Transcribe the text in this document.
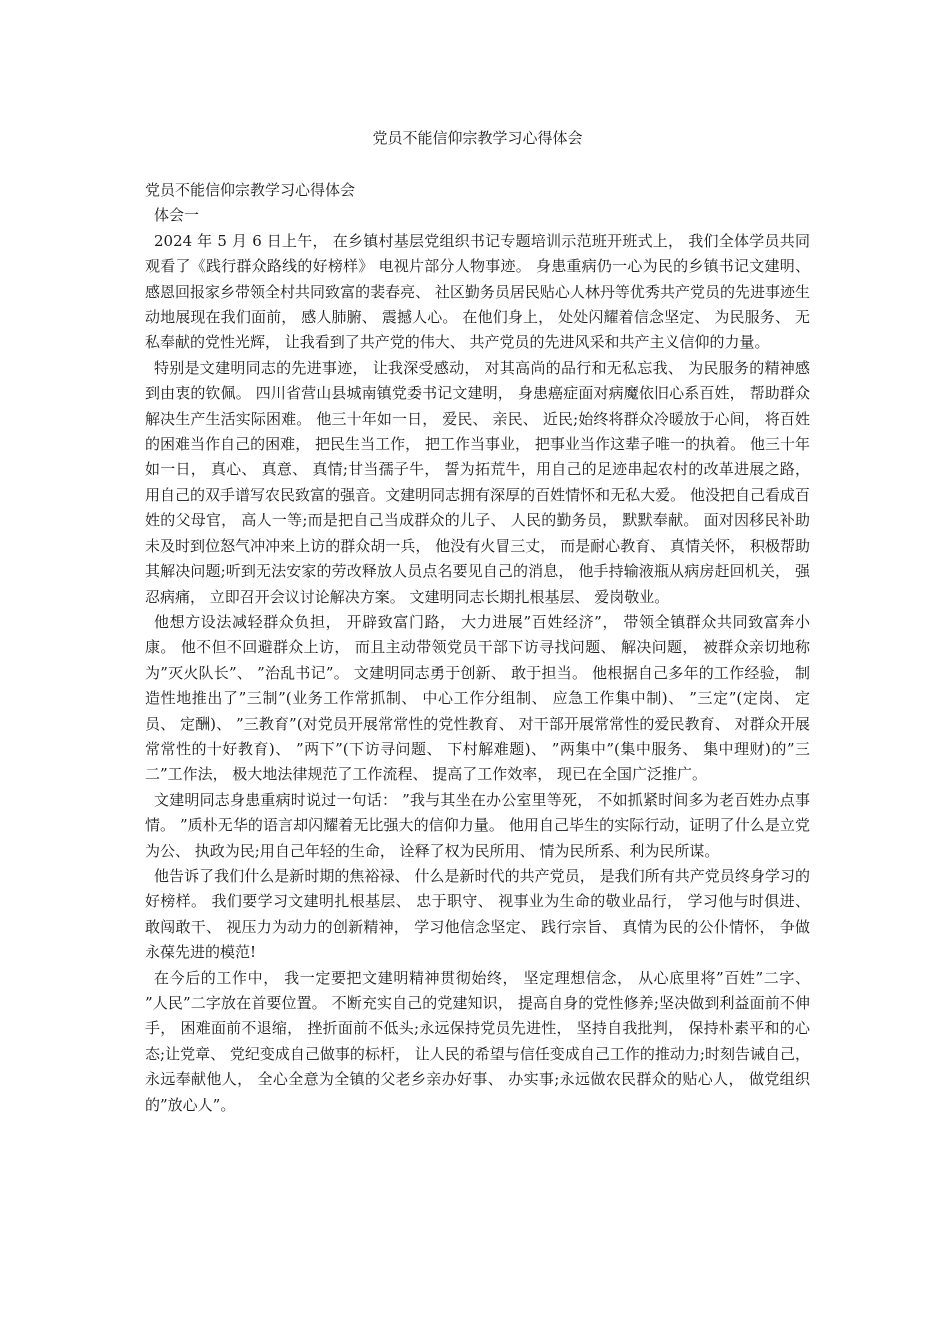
党员不能信仰宗教学习心得体会

党员不能信仰宗教学习心得体会

体会一

2024 年 5 月 6 日上午， 在乡镇村基层党组织书记专题培训示范班开班式上， 我们全体学员共同观看了《践行群众路线的好榜样》 电视片部分人物事迹。 身患重病仍一心为民的乡镇书记文建明、 感恩回报家乡带领全村共同致富的裴春亮、 社区勤务员居民贴心人林丹等优秀共产党员的先进事迹生动地展现在我们面前， 感人肺腑、 震撼人心。 在他们身上， 处处闪耀着信念坚定、 为民服务、 无私奉献的党性光辉， 让我看到了共产党的伟大、 共产党员的先进风采和共产主义信仰的力量。

特别是文建明同志的先进事迹， 让我深受感动， 对其高尚的品行和无私忘我、 为民服务的精神感到由衷的钦佩。 四川省营山县城南镇党委书记文建明， 身患癌症面对病魔依旧心系百姓， 帮助群众解决生产生活实际困难。 他三十年如一日， 爱民、 亲民、 近民;始终将群众冷暖放于心间， 将百姓的困难当作自己的困难， 把民生当工作， 把工作当事业， 把事业当作这辈子唯一的执着。 他三十年如一日， 真心、 真意、 真情;甘当孺子牛， 誓为拓荒牛，用自己的足迹串起农村的改革进展之路， 用自己的双手谱写农民致富的强音。文建明同志拥有深厚的百姓情怀和无私大爱。 他没把自己看成百姓的父母官， 高人一等;而是把自己当成群众的儿子、 人民的勤务员， 默默奉献。 面对因移民补助未及时到位怒气冲冲来上访的群众胡一兵， 他没有火冒三丈， 而是耐心教育、 真情关怀， 积极帮助其解决问题;听到无法安家的劳改释放人员点名要见自己的消息， 他手持输液瓶从病房赶回机关， 强忍病痛， 立即召开会议讨论解决方案。 文建明同志长期扎根基层、 爱岗敬业。

他想方设法减轻群众负担， 开辟致富门路， 大力进展”百姓经济”， 带领全镇群众共同致富奔小康。 他不但不回避群众上访， 而且主动带领党员干部下访寻找问题、 解决问题， 被群众亲切地称为”灭火队长”、 ”治乱书记”。 文建明同志勇于创新、 敢于担当。 他根据自己多年的工作经验， 制造性地推出了”三制”(业务工作常抓制、 中心工作分组制、 应急工作集中制)、 ”三定”(定岗、 定员、 定酬)、 ”三教育”(对党员开展常常性的党性教育、 对干部开展常常性的爱民教育、 对群众开展常常性的十好教育)、 ”两下”(下访寻问题、 下村解难题)、 ”两集中”(集中服务、 集中理财)的”三二”工作法， 极大地法律规范了工作流程、 提高了工作效率， 现已在全国广泛推广。

文建明同志身患重病时说过一句话： ”我与其坐在办公室里等死， 不如抓紧时间多为老百姓办点事情。 ”质朴无华的语言却闪耀着无比强大的信仰力量。 他用自己毕生的实际行动，证明了什么是立党为公、 执政为民;用自己年轻的生命， 诠释了权为民所用、 情为民所系、利为民所谋。

他告诉了我们什么是新时期的焦裕禄、 什么是新时代的共产党员， 是我们所有共产党员终身学习的好榜样。 我们要学习文建明扎根基层、 忠于职守、 视事业为生命的敬业品行， 学习他与时俱进、 敢闯敢干、 视压力为动力的创新精神， 学习他信念坚定、 践行宗旨、 真情为民的公仆情怀， 争做永葆先进的模范!

在今后的工作中， 我一定要把文建明精神贯彻始终， 坚定理想信念， 从心底里将”百姓”二字、 ”人民”二字放在首要位置。 不断充实自己的党建知识， 提高自身的党性修养;坚决做到利益面前不伸手， 困难面前不退缩， 挫折面前不低头;永远保持党员先进性， 坚持自我批判， 保持朴素平和的心态;让党章、 党纪变成自己做事的标杆， 让人民的希望与信任变成自己工作的推动力;时刻告诫自己， 永远奉献他人， 全心全意为全镇的父老乡亲办好事、 办实事;永远做农民群众的贴心人， 做党组织的”放心人”。
